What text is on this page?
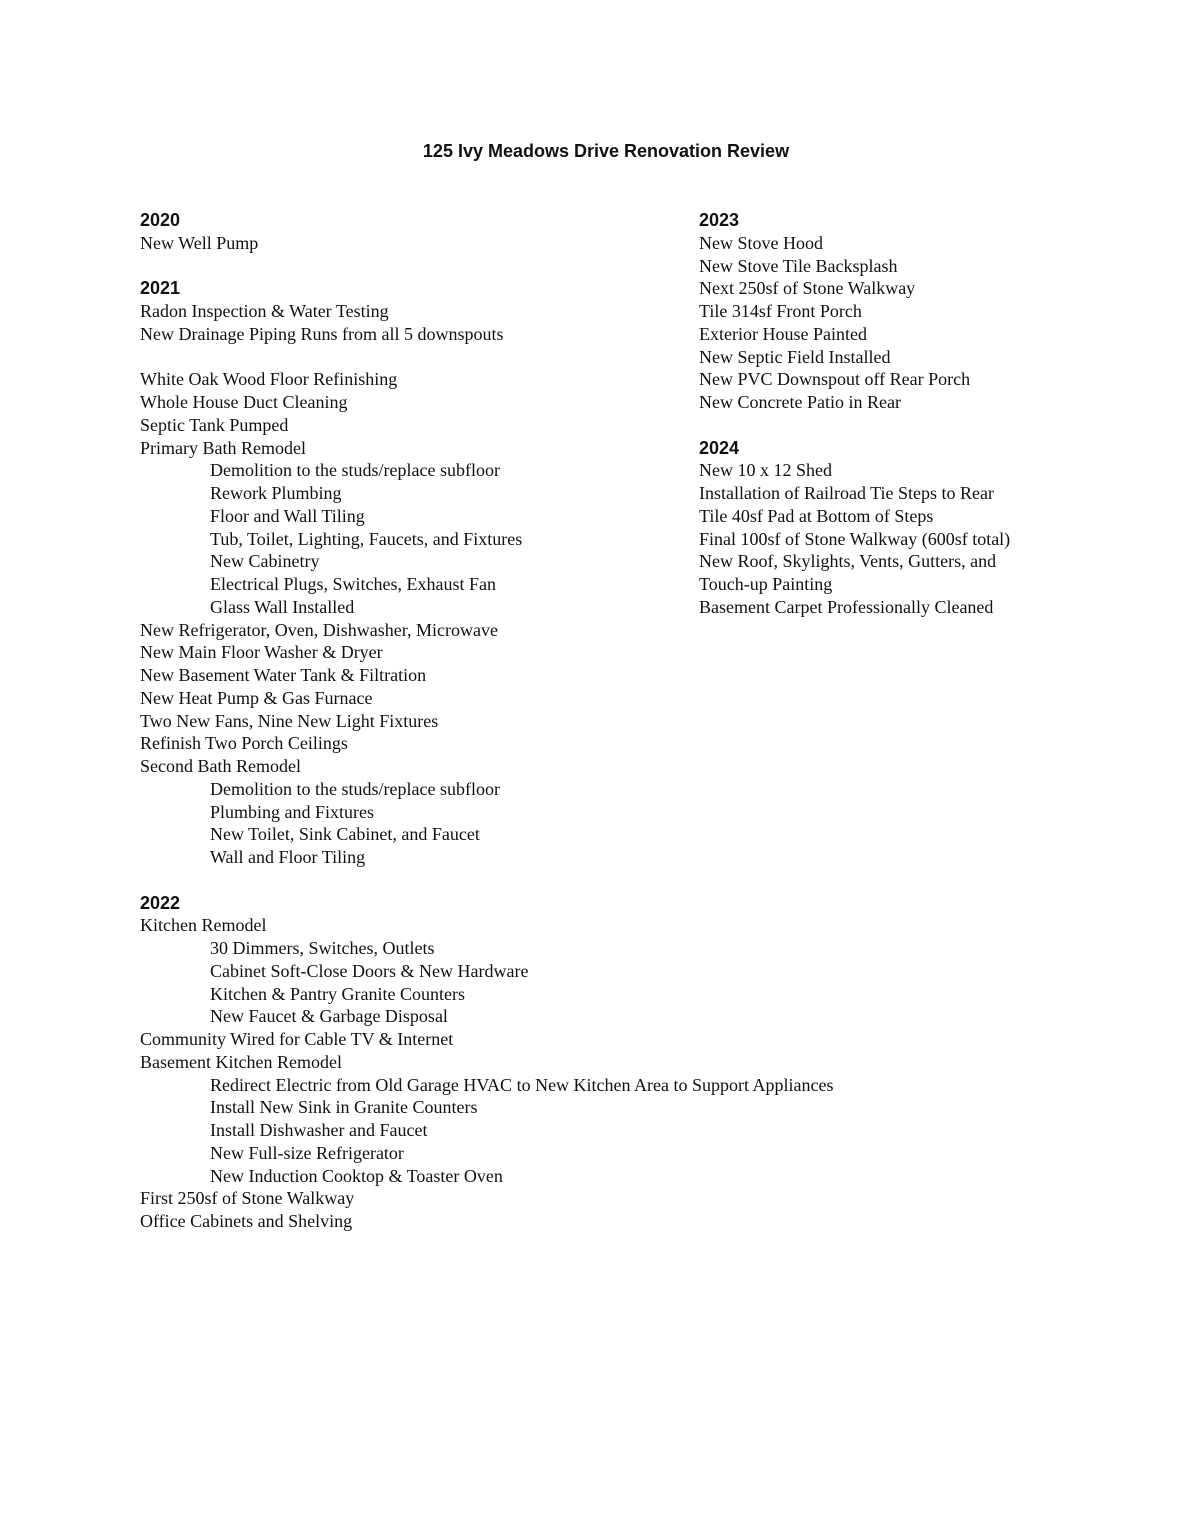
125 Ivy Meadows Drive Renovation Review
2020
New Well Pump
2021
Radon Inspection & Water Testing
New Drainage Piping Runs from all 5 downspouts
White Oak Wood Floor Refinishing
Whole House Duct Cleaning
Septic Tank Pumped
Primary Bath Remodel
Demolition to the studs/replace subfloor
Rework Plumbing
Floor and Wall Tiling
Tub, Toilet, Lighting, Faucets, and Fixtures
New Cabinetry
Electrical Plugs, Switches, Exhaust Fan
Glass Wall Installed
New Refrigerator, Oven, Dishwasher, Microwave
New Main Floor Washer & Dryer
New Basement Water Tank & Filtration
New Heat Pump & Gas Furnace
Two New Fans, Nine New Light Fixtures
Refinish Two Porch Ceilings
Second Bath Remodel
Demolition to the studs/replace subfloor
Plumbing and Fixtures
New Toilet, Sink Cabinet, and Faucet
Wall and Floor Tiling
2022
Kitchen Remodel
30 Dimmers, Switches, Outlets
Cabinet Soft-Close Doors & New Hardware
Kitchen & Pantry Granite Counters
New Faucet & Garbage Disposal
Community Wired for Cable TV & Internet
Basement Kitchen Remodel
Redirect Electric from Old Garage HVAC to New Kitchen Area to Support Appliances
Install New Sink in Granite Counters
Install Dishwasher and Faucet
New Full-size Refrigerator
New Induction Cooktop & Toaster Oven
First 250sf of Stone Walkway
Office Cabinets and Shelving
2023
New Stove Hood
New Stove Tile Backsplash
Next 250sf of Stone Walkway
Tile 314sf Front Porch
Exterior House Painted
New Septic Field Installed
New PVC Downspout off Rear Porch
New Concrete Patio in Rear
2024
New 10 x 12 Shed
Installation of Railroad Tie Steps to Rear
Tile 40sf Pad at Bottom of Steps
Final 100sf of Stone Walkway (600sf total)
New Roof, Skylights, Vents, Gutters, and
Touch-up Painting
Basement Carpet Professionally Cleaned
